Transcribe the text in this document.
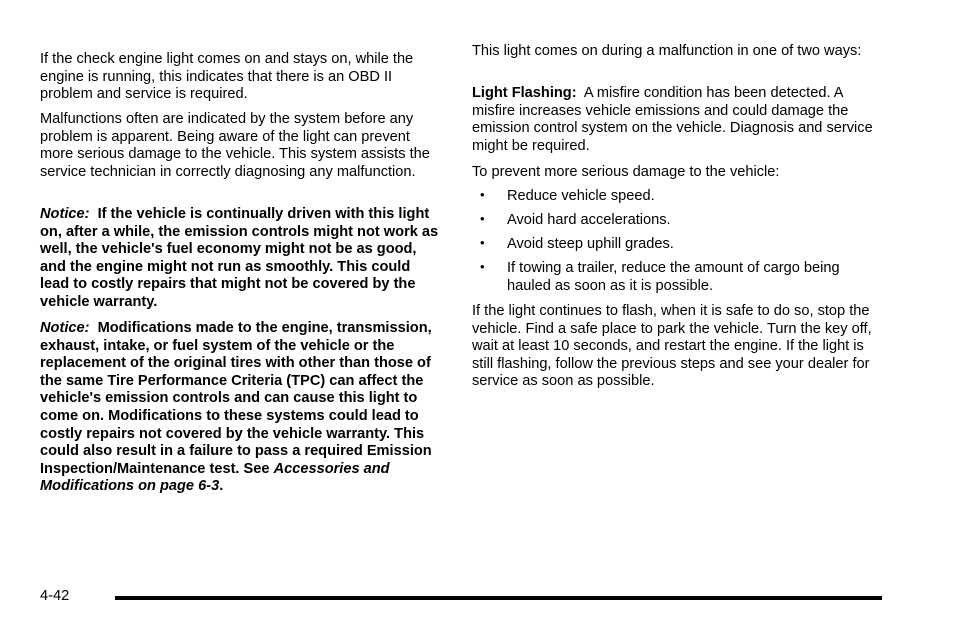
If the check engine light comes on and stays on, while the engine is running, this indicates that there is an OBD II problem and service is required.

Malfunctions often are indicated by the system before any problem is apparent. Being aware of the light can prevent more serious damage to the vehicle. This system assists the service technician in correctly diagnosing any malfunction.

Notice: If the vehicle is continually driven with this light on, after a while, the emission controls might not work as well, the vehicle's fuel economy might not be as good, and the engine might not run as smoothly. This could lead to costly repairs that might not be covered by the vehicle warranty.

Notice: Modifications made to the engine, transmission, exhaust, intake, or fuel system of the vehicle or the replacement of the original tires with other than those of the same Tire Performance Criteria (TPC) can affect the vehicle's emission controls and can cause this light to come on. Modifications to these systems could lead to costly repairs not covered by the vehicle warranty. This could also result in a failure to pass a required Emission Inspection/Maintenance test. See Accessories and Modifications on page 6-3.

This light comes on during a malfunction in one of two ways:

Light Flashing: A misfire condition has been detected. A misfire increases vehicle emissions and could damage the emission control system on the vehicle. Diagnosis and service might be required.

To prevent more serious damage to the vehicle:

• Reduce vehicle speed.
• Avoid hard accelerations.
• Avoid steep uphill grades.
• If towing a trailer, reduce the amount of cargo being hauled as soon as it is possible.

If the light continues to flash, when it is safe to do so, stop the vehicle. Find a safe place to park the vehicle. Turn the key off, wait at least 10 seconds, and restart the engine. If the light is still flashing, follow the previous steps and see your dealer for service as soon as possible.

4-42
